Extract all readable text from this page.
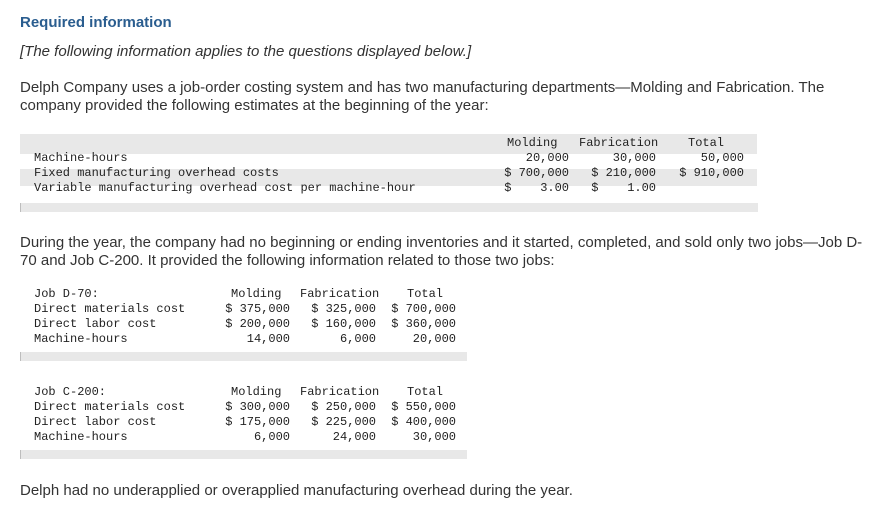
Required information
[The following information applies to the questions displayed below.]
Delph Company uses a job-order costing system and has two manufacturing departments—Molding and Fabrication. The company provided the following estimates at the beginning of the year:
Molding Fabrication Total
Machine-hours	20,000	30,000	50,000
Fixed manufacturing overhead costs	$ 700,000 $ 210,000 $ 910,000
Variable manufacturing overhead cost per machine-hour	$    3.00 $    1.00
During the year, the company had no beginning or ending inventories and it started, completed, and sold only two jobs—Job D-70 and Job C-200. It provided the following information related to those two jobs:
Job D-70:	Molding Fabrication Total
Direct materials cost	$ 375,000 $ 325,000 $ 700,000
Direct labor cost	$ 200,000 $ 160,000 $ 360,000
Machine-hours	14,000	6,000	20,000
Job C-200:	Molding Fabrication Total
Direct materials cost	$ 300,000 $ 250,000 $ 550,000
Direct labor cost	$ 175,000 $ 225,000 $ 400,000
Machine-hours	6,000	24,000	30,000
Delph had no underapplied or overapplied manufacturing overhead during the year.
